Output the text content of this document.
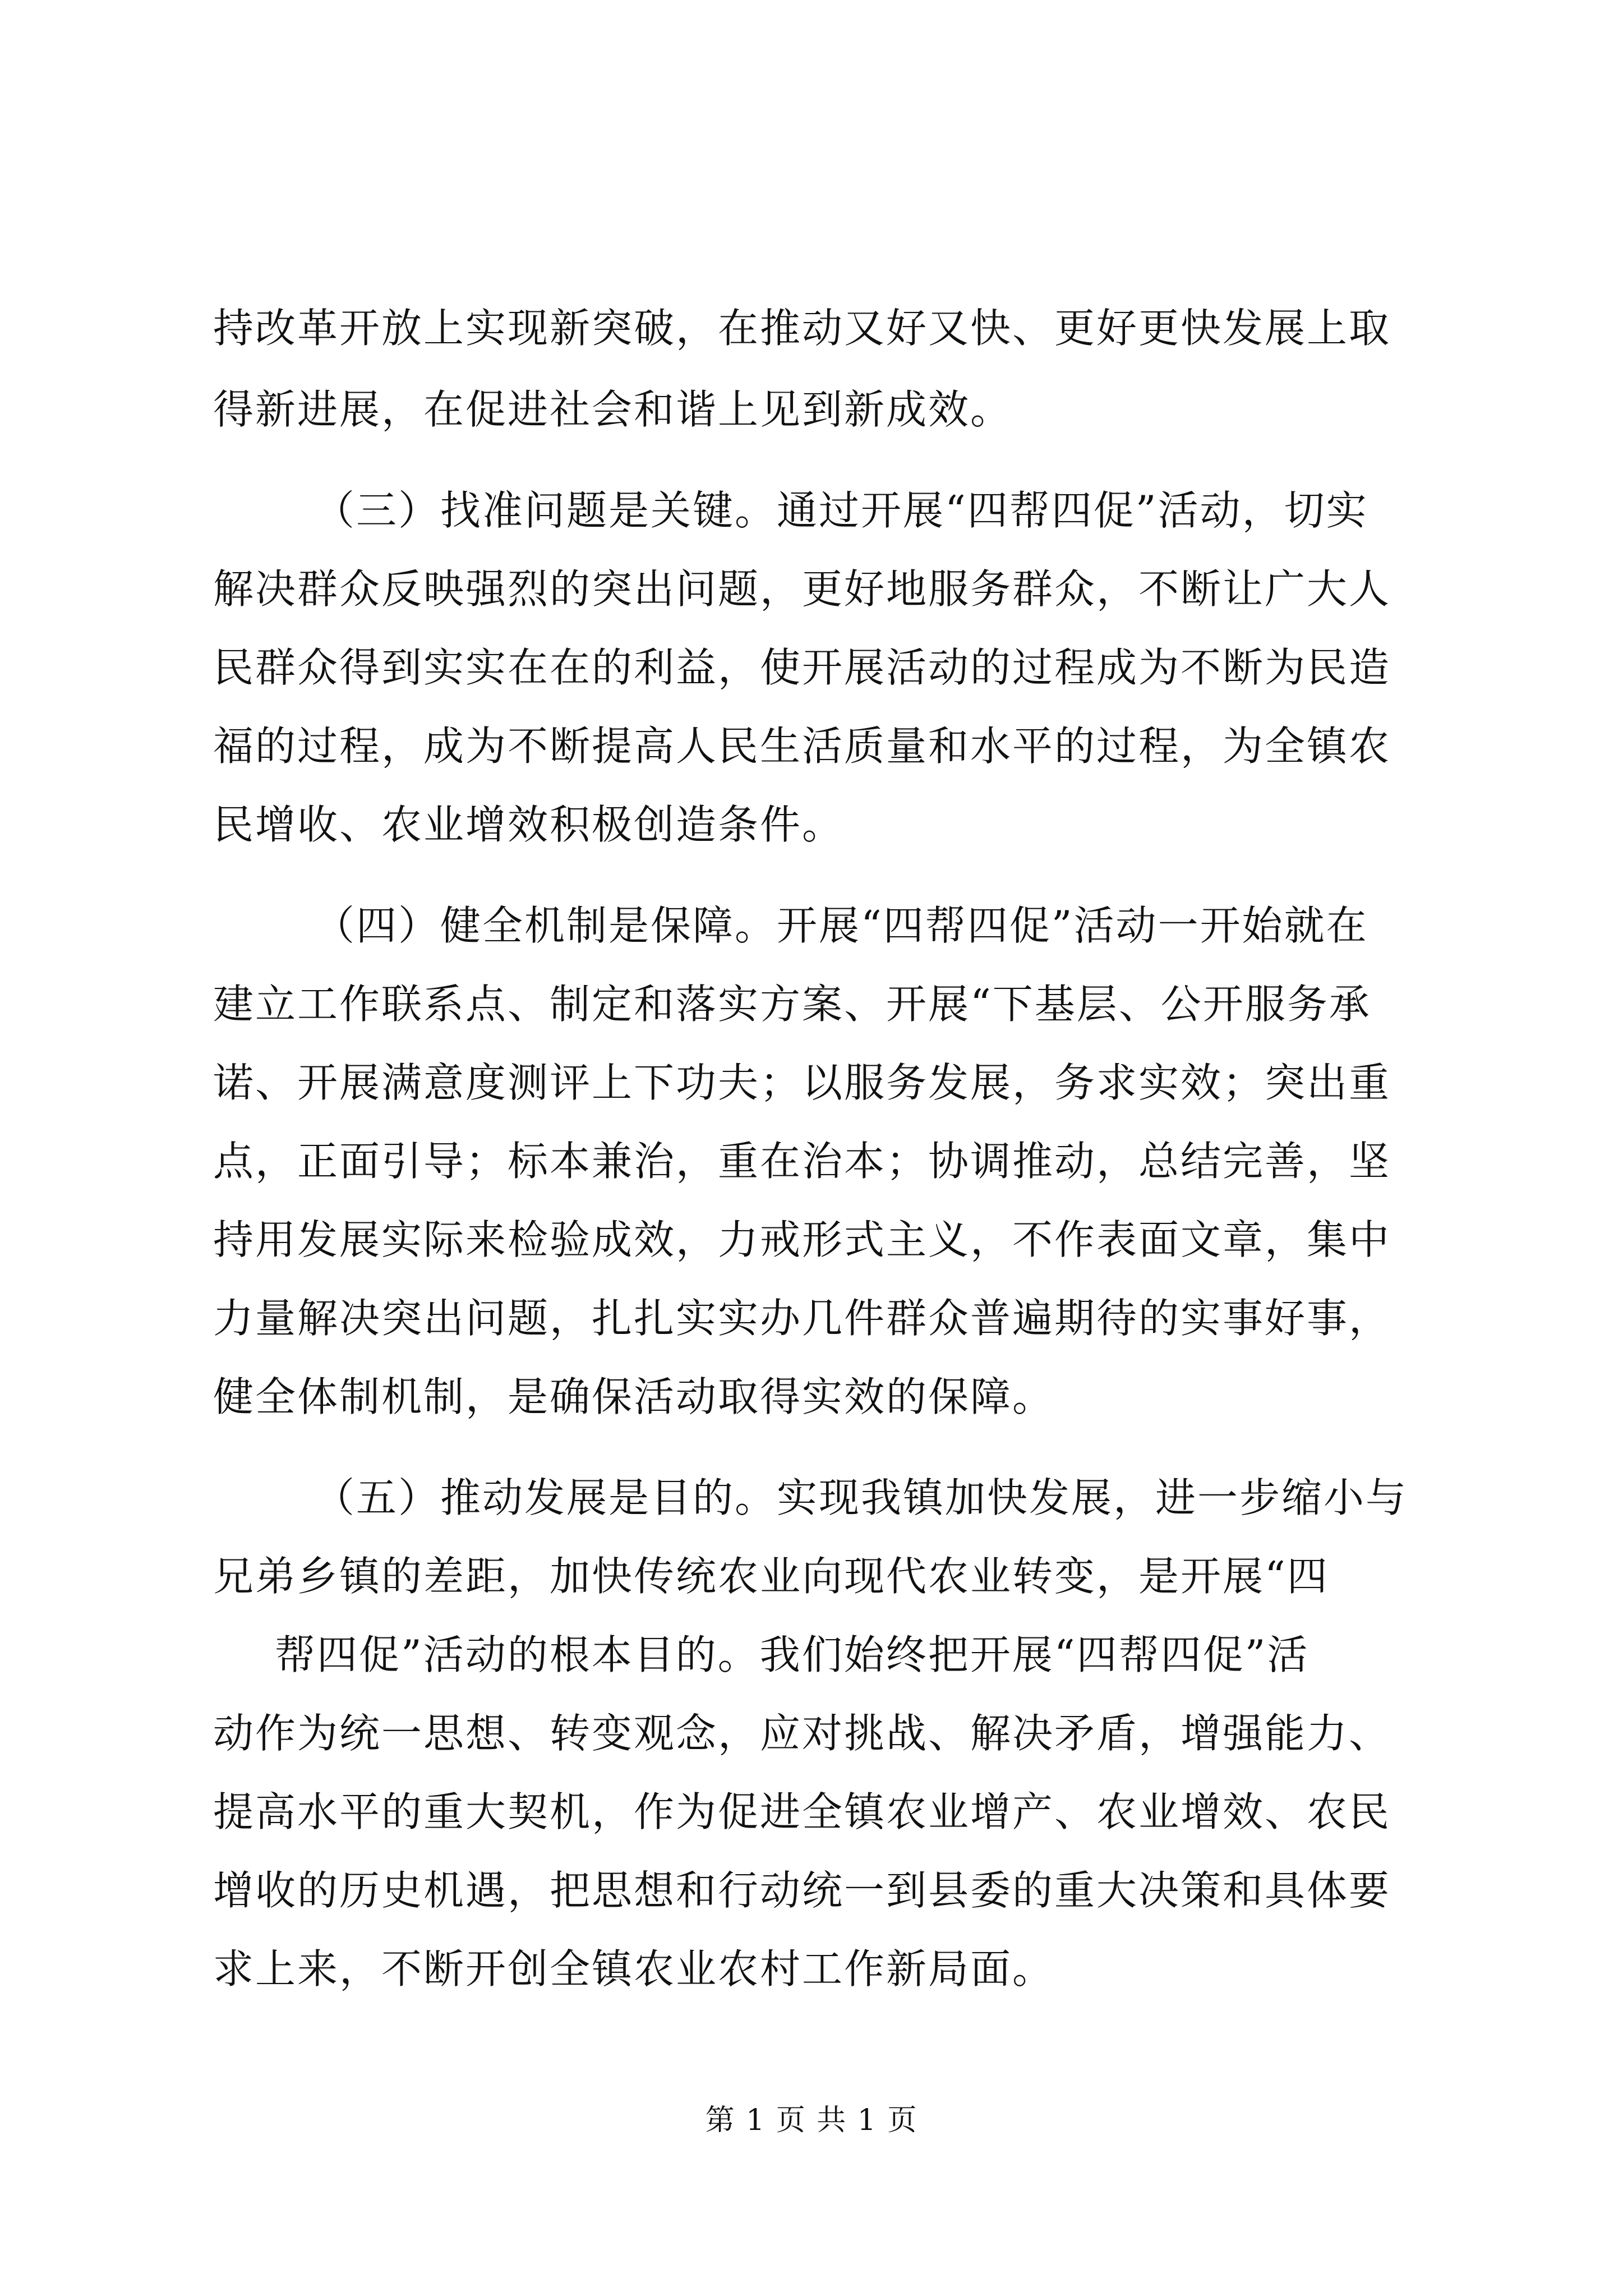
持改革开放上实现新突破，在推动又好又快、更好更快发展上取
得新进展，在促进社会和谐上见到新成效。
（三）找准问题是关键。通过开展“四帮四促”活动，切实
解决群众反映强烈的突出问题，更好地服务群众，不断让广大人
民群众得到实实在在的利益，使开展活动的过程成为不断为民造
福的过程，成为不断提高人民生活质量和水平的过程，为全镇农
民增收、农业增效积极创造条件。
（四）健全机制是保障。开展“四帮四促”活动一开始就在
建立工作联系点、制定和落实方案、开展“下基层、公开服务承
诺、开展满意度测评上下功夫；以服务发展，务求实效；突出重
点，正面引导；标本兼治，重在治本；协调推动，总结完善，坚
持用发展实际来检验成效，力戒形式主义，不作表面文章，集中
力量解决突出问题，扎扎实实办几件群众普遍期待的实事好事，
健全体制机制，是确保活动取得实效的保障。
（五）推动发展是目的。实现我镇加快发展，进一步缩小与
兄弟乡镇的差距，加快传统农业向现代农业转变，是开展“四
帮四促”活动的根本目的。我们始终把开展“四帮四促”活
动作为统一思想、转变观念，应对挑战、解决矛盾，增强能力、
提高水平的重大契机，作为促进全镇农业增产、农业增效、农民
增收的历史机遇，把思想和行动统一到县委的重大决策和具体要
求上来，不断开创全镇农业农村工作新局面。
第 1 页 共 1 页
